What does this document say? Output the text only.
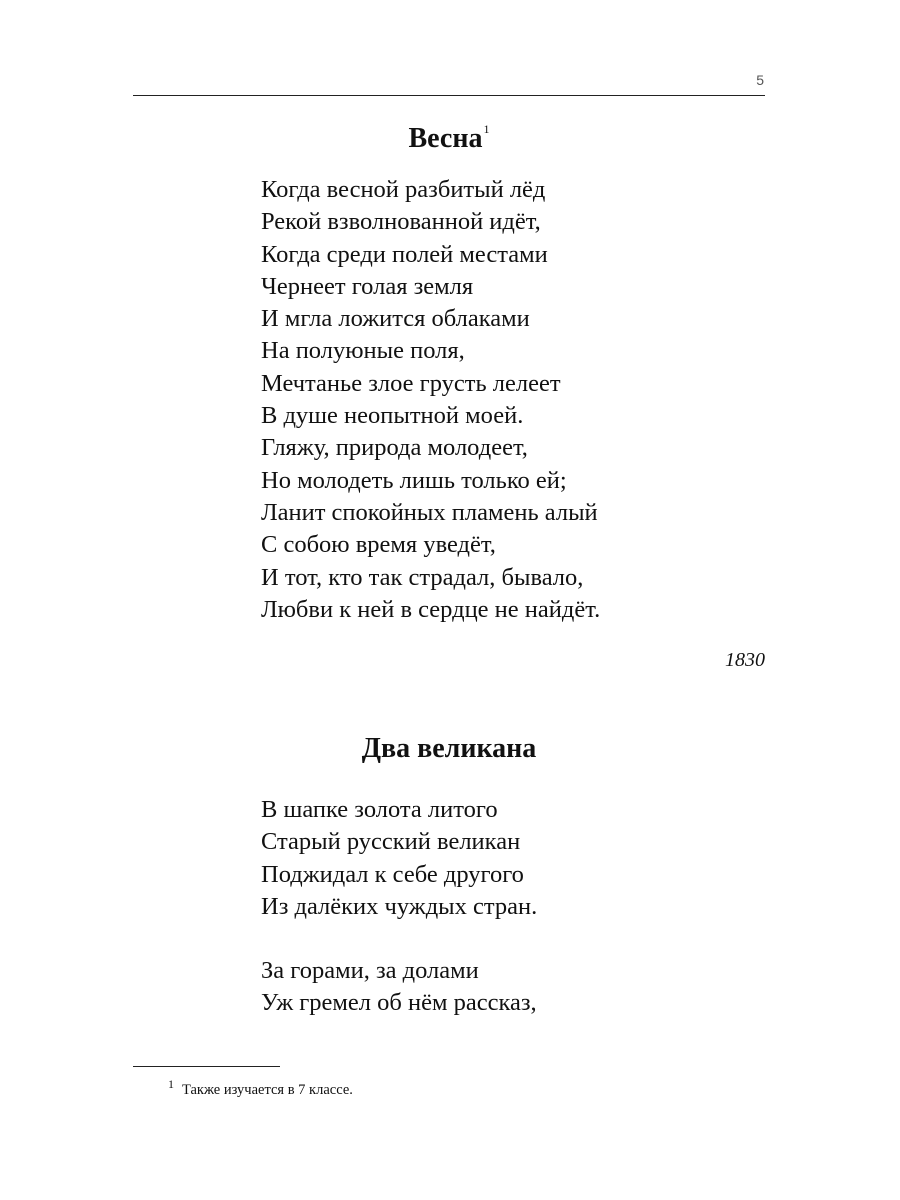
5
Весна$^1$
Когда весной разбитый лёд
Рекой взволнованной идёт,
Когда среди полей местами
Чернеет голая земля
И мгла ложится облаками
На полуюные поля,
Мечтанье злое грусть лелеет
В душе неопытной моей.
Гляжу, природа молодеет,
Но молодеть лишь только ей;
Ланит спокойных пламень алый
С собою время уведёт,
И тот, кто так страдал, бывало,
Любви к ней в сердце не найдёт.
1830
Два великана
В шапке золота литого
Старый русский великан
Поджидал к себе другого
Из далёких чуждых стран.
За горами, за долами
Уж гремел об нём рассказ,
$^1$ Также изучается в 7 классе.
